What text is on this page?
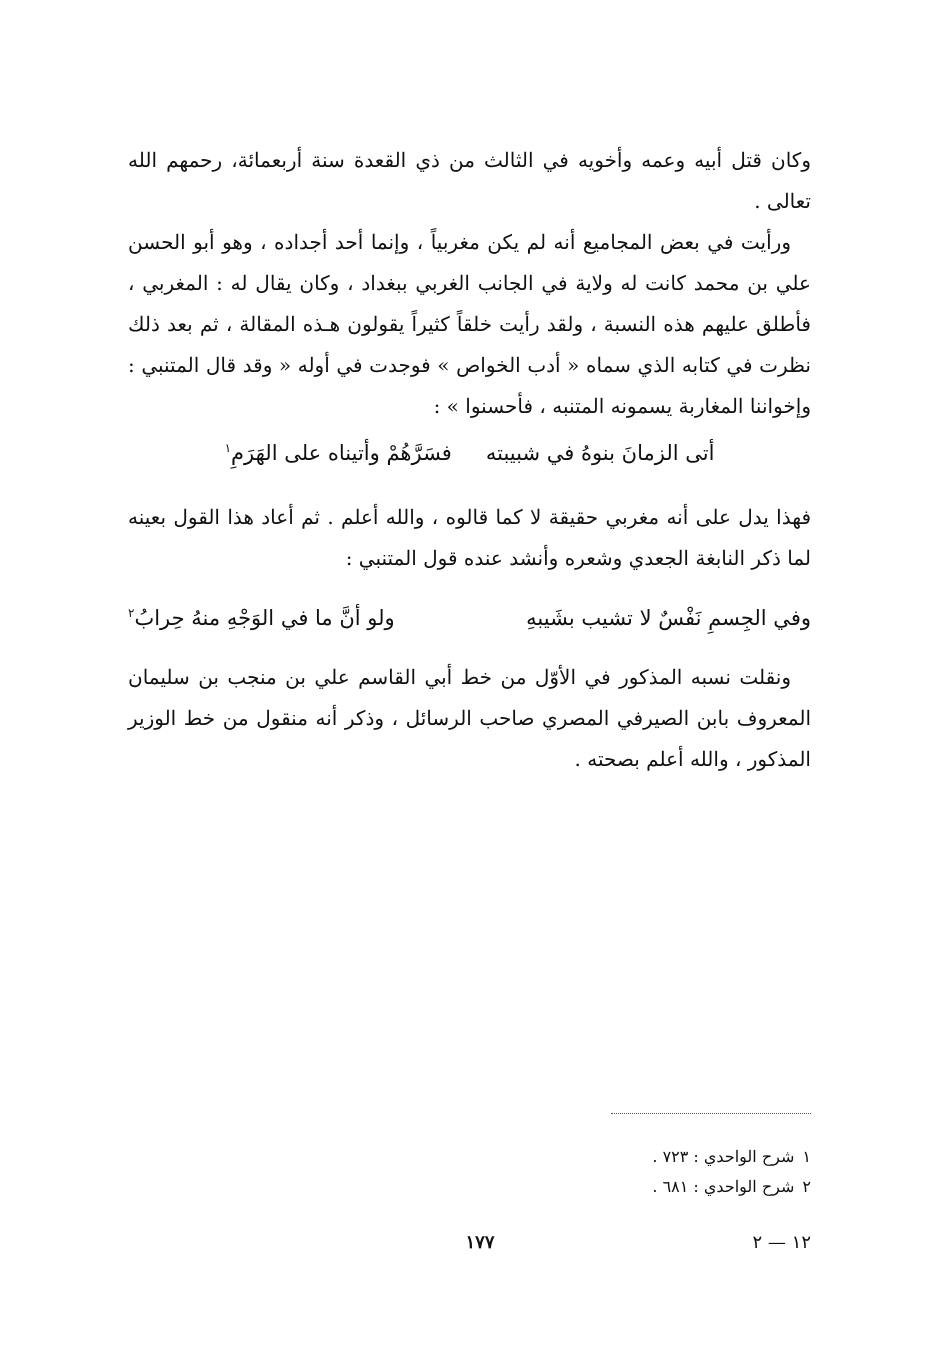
وكان قتل أبيه وعمه وأخويه في الثالث من ذي القعدة سنة أربعمائة، رحمهم الله تعالى .

ورأيت في بعض المجاميع أنه لم يكن مغربياً ، وإنما أحد أجداده ، وهو أبو الحسن علي بن محمد كانت له ولاية في الجانب الغربي ببغداد ، وكان يقال له : المغربي ، فأطلق عليهم هذه النسبة ، ولقد رأيت خلقاً كثيراً يقولون هـذه المقالة ، ثم بعد ذلك نظرت في كتابه الذي سماه « أدب الخواص » فوجدت في أوله « وقد قال المتنبي : وإخواننا المغاربة يسمونه المتنبه ، فأحسنوا » :

أتى الزمانَ بنوهُ في شبيبته
فسَرَّهُمْ وأتيناه على الهَرَمِ$^١$

فهذا يدل على أنه مغربي حقيقة لا كما قالوه ، والله أعلم . ثم أعاد هذا القول بعينه لما ذكر النابغة الجعدي وشعره وأنشد عنده قول المتنبي :

وفي الجِسمِ نَفْسٌ لا تشيب بشَيبهِ
ولو أنَّ ما في الوَجْهِ منهُ حِرابُ$^٢$

ونقلت نسبه المذكور في الأوّل من خط أبي القاسم علي بن منجب بن سليمان المعروف بابن الصيرفي المصري صاحب الرسائل ، وذكر أنه منقول من خط الوزير المذكور ، والله أعلم بصحته .

١شرح الواحدي : ٧٢٣ .
٢شرح الواحدي : ٦٨١ .
١٧٧	١٢ — ٢
